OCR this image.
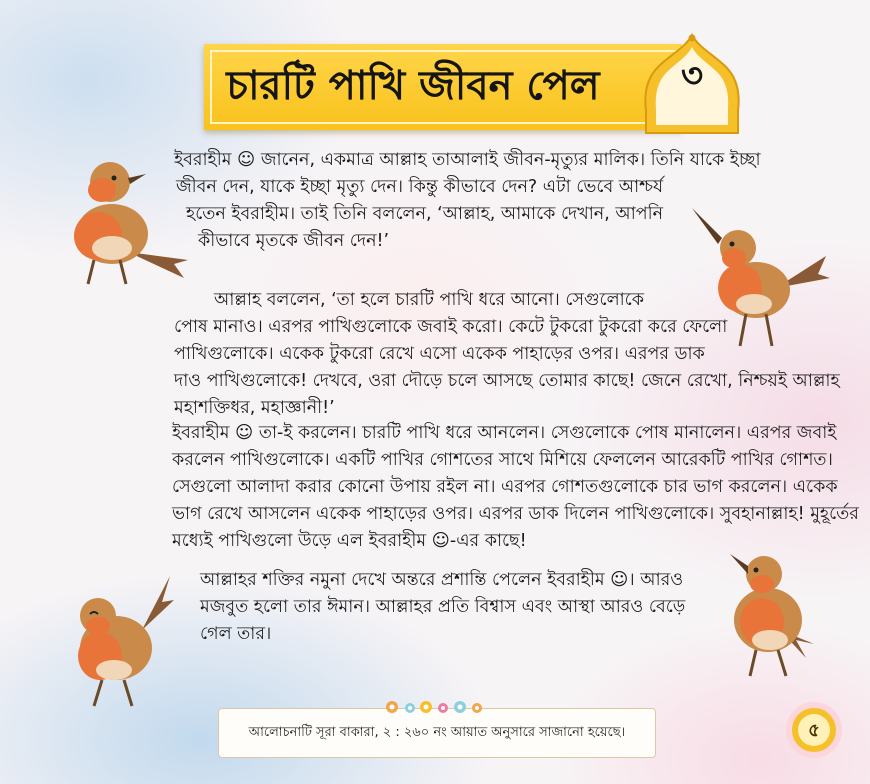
চারটি পাখি জীবন পেল	৩
ইবরাহীম ☺ জানেন, একমাত্র আল্লাহ তাআলাই জীবন-মৃত্যুর মালিক। তিনি যাকে ইচ্ছা
জীবন দেন, যাকে ইচ্ছা মৃত্যু দেন। কিন্তু কীভাবে দেন? এটা ভেবে আশ্চর্য
হতেন ইবরাহীম। তাই তিনি বললেন, ‘আল্লাহ, আমাকে দেখান, আপনি
কীভাবে মৃতকে জীবন দেন!’
আল্লাহ বললেন, ‘তা হলে চারটি পাখি ধরে আনো। সেগুলোকে
পোষ মানাও। এরপর পাখিগুলোকে জবাই করো। কেটে টুকরো টুকরো করে ফেলো
পাখিগুলোকে। একেক টুকরো রেখে এসো একেক পাহাড়ের ওপর। এরপর ডাক
দাও পাখিগুলোকে! দেখবে, ওরা দৌড়ে চলে আসছে তোমার কাছে! জেনে রেখো, নিশ্চয়ই আল্লাহ
মহাশক্তিধর, মহাজ্ঞানী!’
ইবরাহীম ☺ তা-ই করলেন। চারটি পাখি ধরে আনলেন। সেগুলোকে পোষ মানালেন। এরপর জবাই
করলেন পাখিগুলোকে। একটি পাখির গোশতের সাথে মিশিয়ে ফেললেন আরেকটি পাখির গোশত।
সেগুলো আলাদা করার কোনো উপায় রইল না। এরপর গোশতগুলোকে চার ভাগ করলেন। একেক
ভাগ রেখে আসলেন একেক পাহাড়ের ওপর। এরপর ডাক দিলেন পাখিগুলোকে। সুবহানাল্লাহ! মুহূর্তের
মধ্যেই পাখিগুলো উড়ে এল ইবরাহীম ☺-এর কাছে!
আল্লাহর শক্তির নমুনা দেখে অন্তরে প্রশান্তি পেলেন ইবরাহীম ☺। আরও
মজবুত হলো তার ঈমান। আল্লাহর প্রতি বিশ্বাস এবং আস্থা আরও বেড়ে
গেল তার।
আলোচনাটি সূরা বাকারা, ২ : ২৬০ নং আয়াত অনুসারে সাজানো হয়েছে।	৫
